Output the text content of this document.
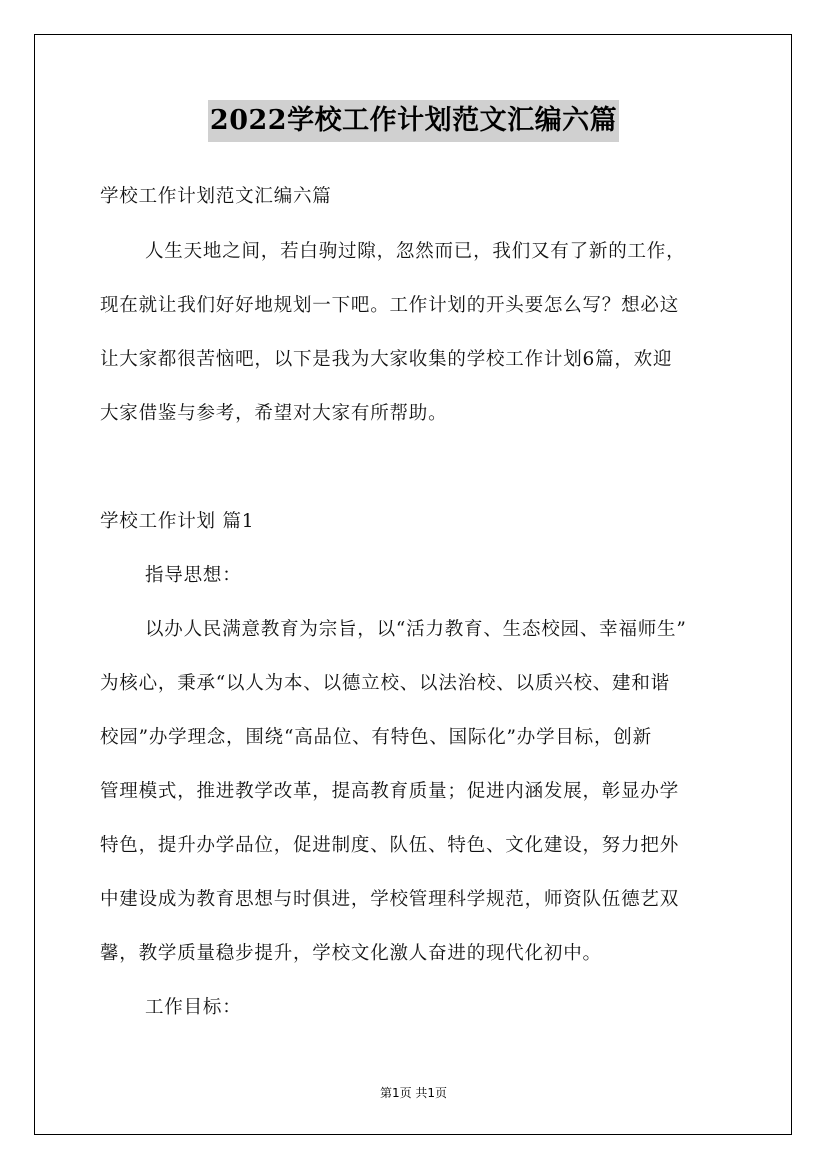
2022学校工作计划范文汇编六篇
学校工作计划范文汇编六篇
人生天地之间，若白驹过隙，忽然而已，我们又有了新的工作，
现在就让我们好好地规划一下吧。工作计划的开头要怎么写？想必这
让大家都很苦恼吧，以下是我为大家收集的学校工作计划6篇，欢迎
大家借鉴与参考，希望对大家有所帮助。
学校工作计划 篇1
指导思想：
以办人民满意教育为宗旨，以“活力教育、生态校园、幸福师生”
为核心，秉承“以人为本、以德立校、以法治校、以质兴校、建和谐
校园”办学理念，围绕“高品位、有特色、国际化”办学目标，创新
管理模式，推进教学改革，提高教育质量；促进内涵发展，彰显办学
特色，提升办学品位，促进制度、队伍、特色、文化建设，努力把外
中建设成为教育思想与时俱进，学校管理科学规范，师资队伍德艺双
馨，教学质量稳步提升，学校文化激人奋进的现代化初中。
工作目标：
第1页 共1页
